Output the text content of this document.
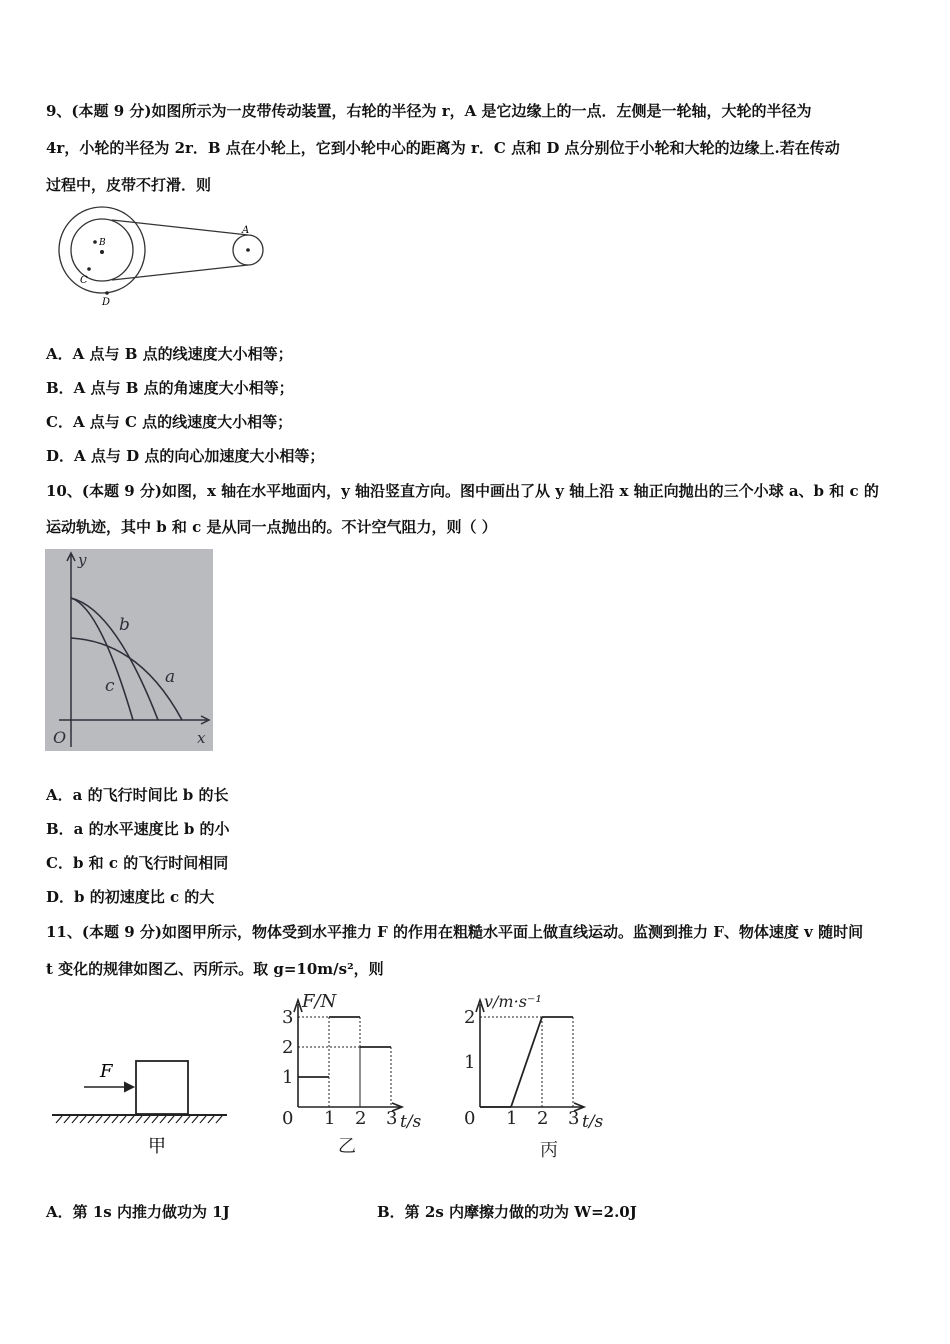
9、(本题 9 分)如图所示为一皮带传动装置，右轮的半径为 r，A 是它边缘上的一点．左侧是一轮轴，大轮的半径为
4r，小轮的半径为 2r．B 点在小轮上，它到小轮中心的距离为 r．C 点和 D 点分别位于小轮和大轮的边缘上.若在传动
过程中，皮带不打滑．则
A
B
C
D
A．A 点与 B 点的线速度大小相等；
B．A 点与 B 点的角速度大小相等；
C．A 点与 C 点的线速度大小相等；
D．A 点与 D 点的向心加速度大小相等；
10、(本题 9 分)如图，x 轴在水平地面内，y 轴沿竖直方向。图中画出了从 y 轴上沿 x 轴正向抛出的三个小球 a、b 和 c 的
运动轨迹，其中 b 和 c 是从同一点抛出的。不计空气阻力，则（ ）
y
x
O
b
c	a
A．a 的飞行时间比 b 的长
B．a 的水平速度比 b 的小
C．b 和 c 的飞行时间相同
D．b 的初速度比 c 的大
11、(本题 9 分)如图甲所示，物体受到水平推力 F 的作用在粗糙水平面上做直线运动。监测到推力 F、物体速度 v 随时间
t 变化的规律如图乙、丙所示。取 g=10m/s²，则
F
甲
F/N
t/s
0
1
2
3
1 2 3
乙
v/m·s⁻¹
t/s
0
1
2
1 2 3
丙
A．第 1s 内推力做功为 1J	B．第 2s 内摩擦力做的功为 W=2.0J
